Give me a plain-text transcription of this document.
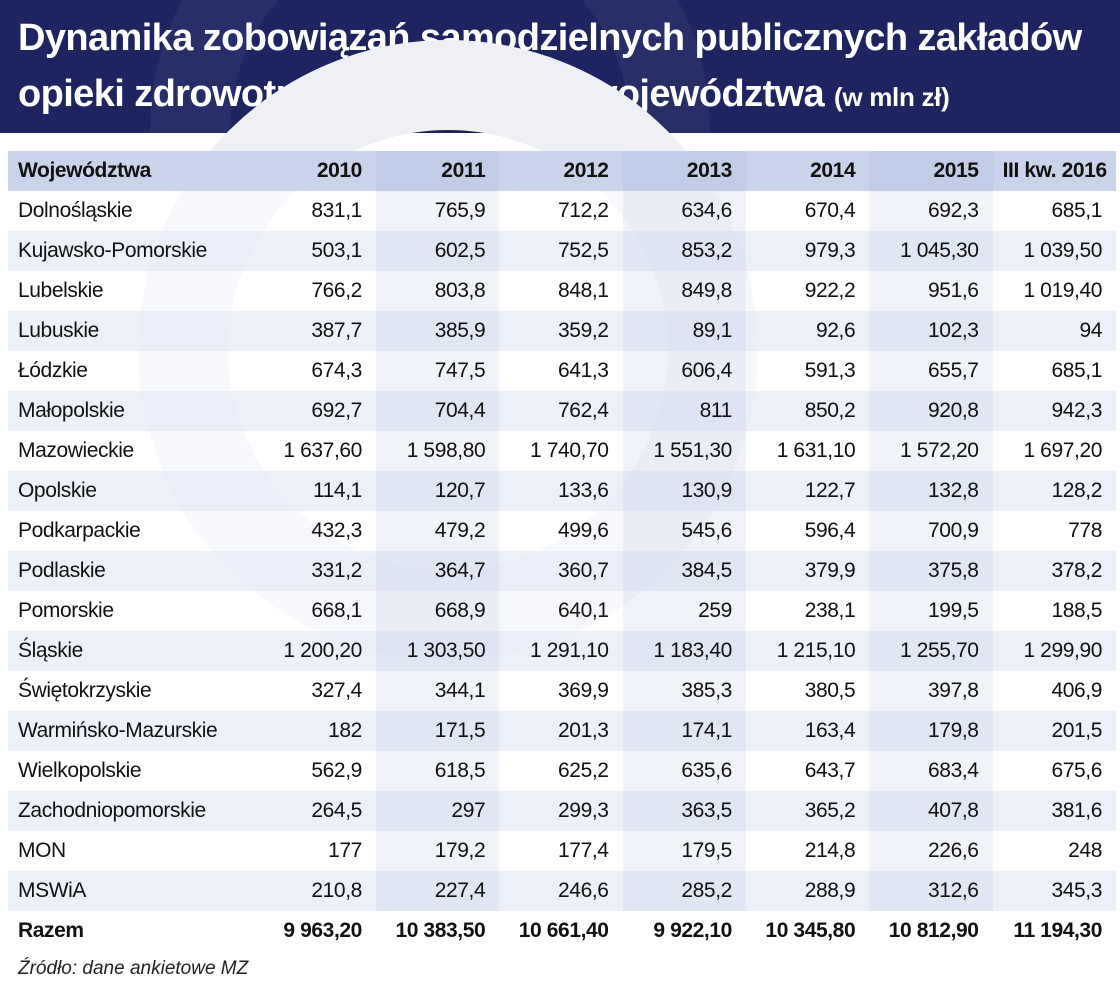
Dynamika zobowiązań samodzielnych publicznych zakładów opieki zdrowotnej w podziale na województwa (w mln zł)
Województwa	2010	2011	2012	2013	2014	2015	III kw. 2016
Dolnośląskie	831,1	765,9	712,2	634,6	670,4	692,3	685,1
Kujawsko-Pomorskie	503,1	602,5	752,5	853,2	979,3	1 045,30	1 039,50
Lubelskie	766,2	803,8	848,1	849,8	922,2	951,6	1 019,40
Lubuskie	387,7	385,9	359,2	89,1	92,6	102,3	94
Łódzkie	674,3	747,5	641,3	606,4	591,3	655,7	685,1
Małopolskie	692,7	704,4	762,4	811	850,2	920,8	942,3
Mazowieckie	1 637,60	1 598,80	1 740,70	1 551,30	1 631,10	1 572,20	1 697,20
Opolskie	114,1	120,7	133,6	130,9	122,7	132,8	128,2
Podkarpackie	432,3	479,2	499,6	545,6	596,4	700,9	778
Podlaskie	331,2	364,7	360,7	384,5	379,9	375,8	378,2
Pomorskie	668,1	668,9	640,1	259	238,1	199,5	188,5
Śląskie	1 200,20	1 303,50	1 291,10	1 183,40	1 215,10	1 255,70	1 299,90
Świętokrzyskie	327,4	344,1	369,9	385,3	380,5	397,8	406,9
Warmińsko-Mazurskie	182	171,5	201,3	174,1	163,4	179,8	201,5
Wielkopolskie	562,9	618,5	625,2	635,6	643,7	683,4	675,6
Zachodniopomorskie	264,5	297	299,3	363,5	365,2	407,8	381,6
MON	177	179,2	177,4	179,5	214,8	226,6	248
MSWiA	210,8	227,4	246,6	285,2	288,9	312,6	345,3
Razem	9 963,20	10 383,50	10 661,40	9 922,10	10 345,80	10 812,90	11 194,30
Źródło: dane ankietowe MZ
